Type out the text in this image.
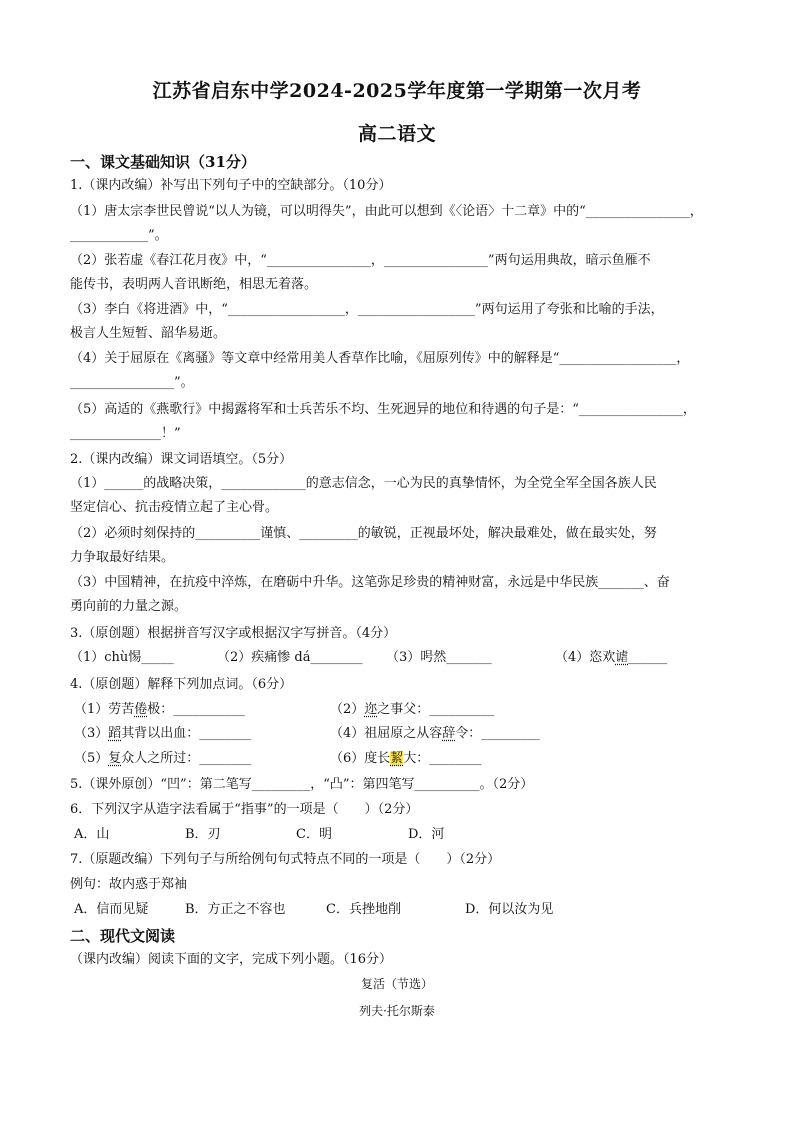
江苏省启东中学2024-2025学年度第一学期第一次月考
高二语文
一、课文基础知识（31分）
1.（课内改编）补写出下列句子中的空缺部分。（10分）
（1）唐太宗李世民曾说“以人为镜，可以明得失”，由此可以想到《〈论语〉十二章》中的“________________，
____________”。
（2）张若虚《春江花月夜》中，“________________，________________”两句运用典故，暗示鱼雁不
能传书，表明两人音讯断绝，相思无着落。
（3）李白《将进酒》中，“__________________，__________________”两句运用了夸张和比喻的手法，
极言人生短暂、韶华易逝。
（4）关于屈原在《离骚》等文章中经常用美人香草作比喻，《屈原列传》中的解释是“__________________，
________________”。
（5）高适的《燕歌行》中揭露将军和士兵苦乐不均、生死迥异的地位和待遇的句子是：“________________，
______________！”
2.（课内改编）课文词语填空。（5分）
（1）______的战略决策，_____________的意志信念，一心为民的真挚情怀，为全党全军全国各族人民
坚定信心、抗击疫情立起了主心骨。
（2）必须时刻保持的__________谨慎、_________的敏锐，正视最坏处，解决最难处，做在最实处，努
力争取最好结果。
（3）中国精神，在抗疫中淬炼，在磨砺中升华。这笔弥足珍贵的精神财富，永远是中华民族_______、奋
勇向前的力量之源。
3.（原创题）根据拼音写汉字或根据汉字写拼音。（4分）
（1）chù惕_____	（2）疾痛惨 dá________ （3）呺然_______	（4）恣欢谑______
4.（原创题）解释下列加点词。（6分）
（1）劳苦倦极：___________	（2）迩之事父：__________
（3）蹈其背以出血：________	（4）祖屈原之从容辞令：_________
（5）复众人之所过：________	（6）度长絜大：________
5.（课外原创）“凹”：第二笔写_________，“凸”：第四笔写__________。（2分）
6．下列汉字从造字法看属于“指事”的一项是（　　）（2分）
A．山	B．刃	C．明	D．河
7.（原题改编）下列句子与所给例句句式特点不同的一项是（　　）（2分）
例句：故内惑于郑袖
A．信而见疑	B．方正之不容也	C．兵挫地削	D．何以汝为见
二、现代文阅读
（课内改编）阅读下面的文字，完成下列小题。（16分）
复活（节选）
列夫·托尔斯泰
